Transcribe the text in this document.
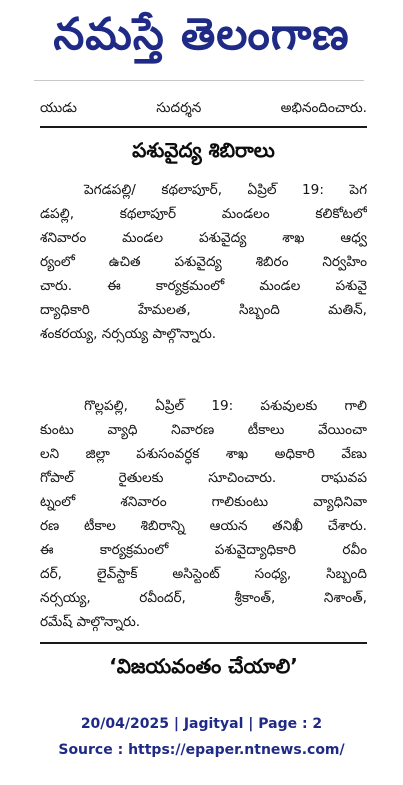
నమస్తే తెలంగాణ
యుడు సుదర్శన అభినందించారు.
పశువైద్య శిబిరాలు
పెగడపల్లి/ కథలాపూర్, ఏప్రిల్ 19: పెగ
డపల్లి, కథలాపూర్ మండలం కలికోటలో
శనివారం మండల పశువైద్య శాఖ ఆధ్వ
ర్యంలో ఉచిత పశువైద్య శిబిరం నిర్వహిం
చారు. ఈ కార్యక్రమంలో మండల పశువై
ద్యాధికారి హేమలత, సిబ్బంది మతిన్,
శంకరయ్య, నర్సయ్య పాల్గొన్నారు.
గొల్లపల్లి, ఏప్రిల్ 19: పశువులకు గాలి
కుంటు వ్యాధి నివారణ టీకాలు వేయించా
లని జిల్లా పశుసంవర్ధక శాఖ అధికారి వేణు
గోపాల్ రైతులకు సూచించారు. రాఘవప
ట్నంలో శనివారం గాలికుంటు వ్యాధినివా
రణ టీకాల శిబిరాన్ని ఆయన తనిఖీ చేశారు.
ఈ కార్యక్రమంలో పశువైద్యాధికారి రవీం
దర్, లైవ్‌స్టాక్ అసిస్టెంట్ సంధ్య, సిబ్బంది
నర్సయ్య, రవీందర్, శ్రీకాంత్, నిశాంత్,
రమేష్ పాల్గొన్నారు.
‘విజయవంతం చేయాలి’
20/04/2025 | Jagityal | Page : 2
Source : https://epaper.ntnews.com/
